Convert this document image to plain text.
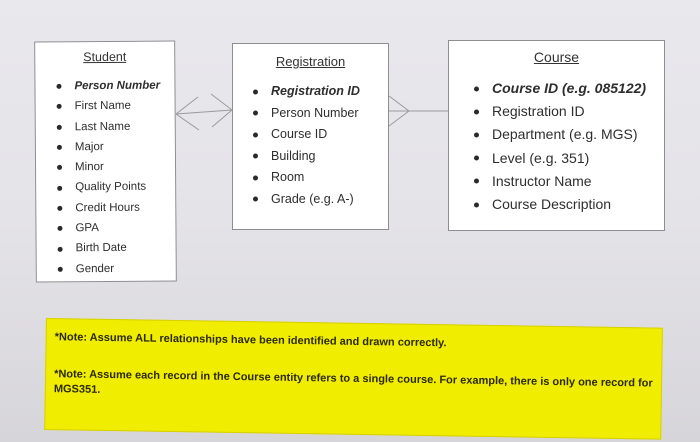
Student
Person Number
First Name
Last Name
Major
Minor
Quality Points
Credit Hours
GPA
Birth Date
Gender
Registration
Registration ID
Person Number
Course ID
Building
Room
Grade (e.g. A-)
Course
Course ID (e.g. 085122)
Registration ID
Department (e.g. MGS)
Level (e.g. 351)
Instructor Name
Course Description

*Note: Assume ALL relationships have been identified and drawn correctly.

*Note: Assume each record in the Course entity refers to a single course. For example, there is only one record for MGS351.
